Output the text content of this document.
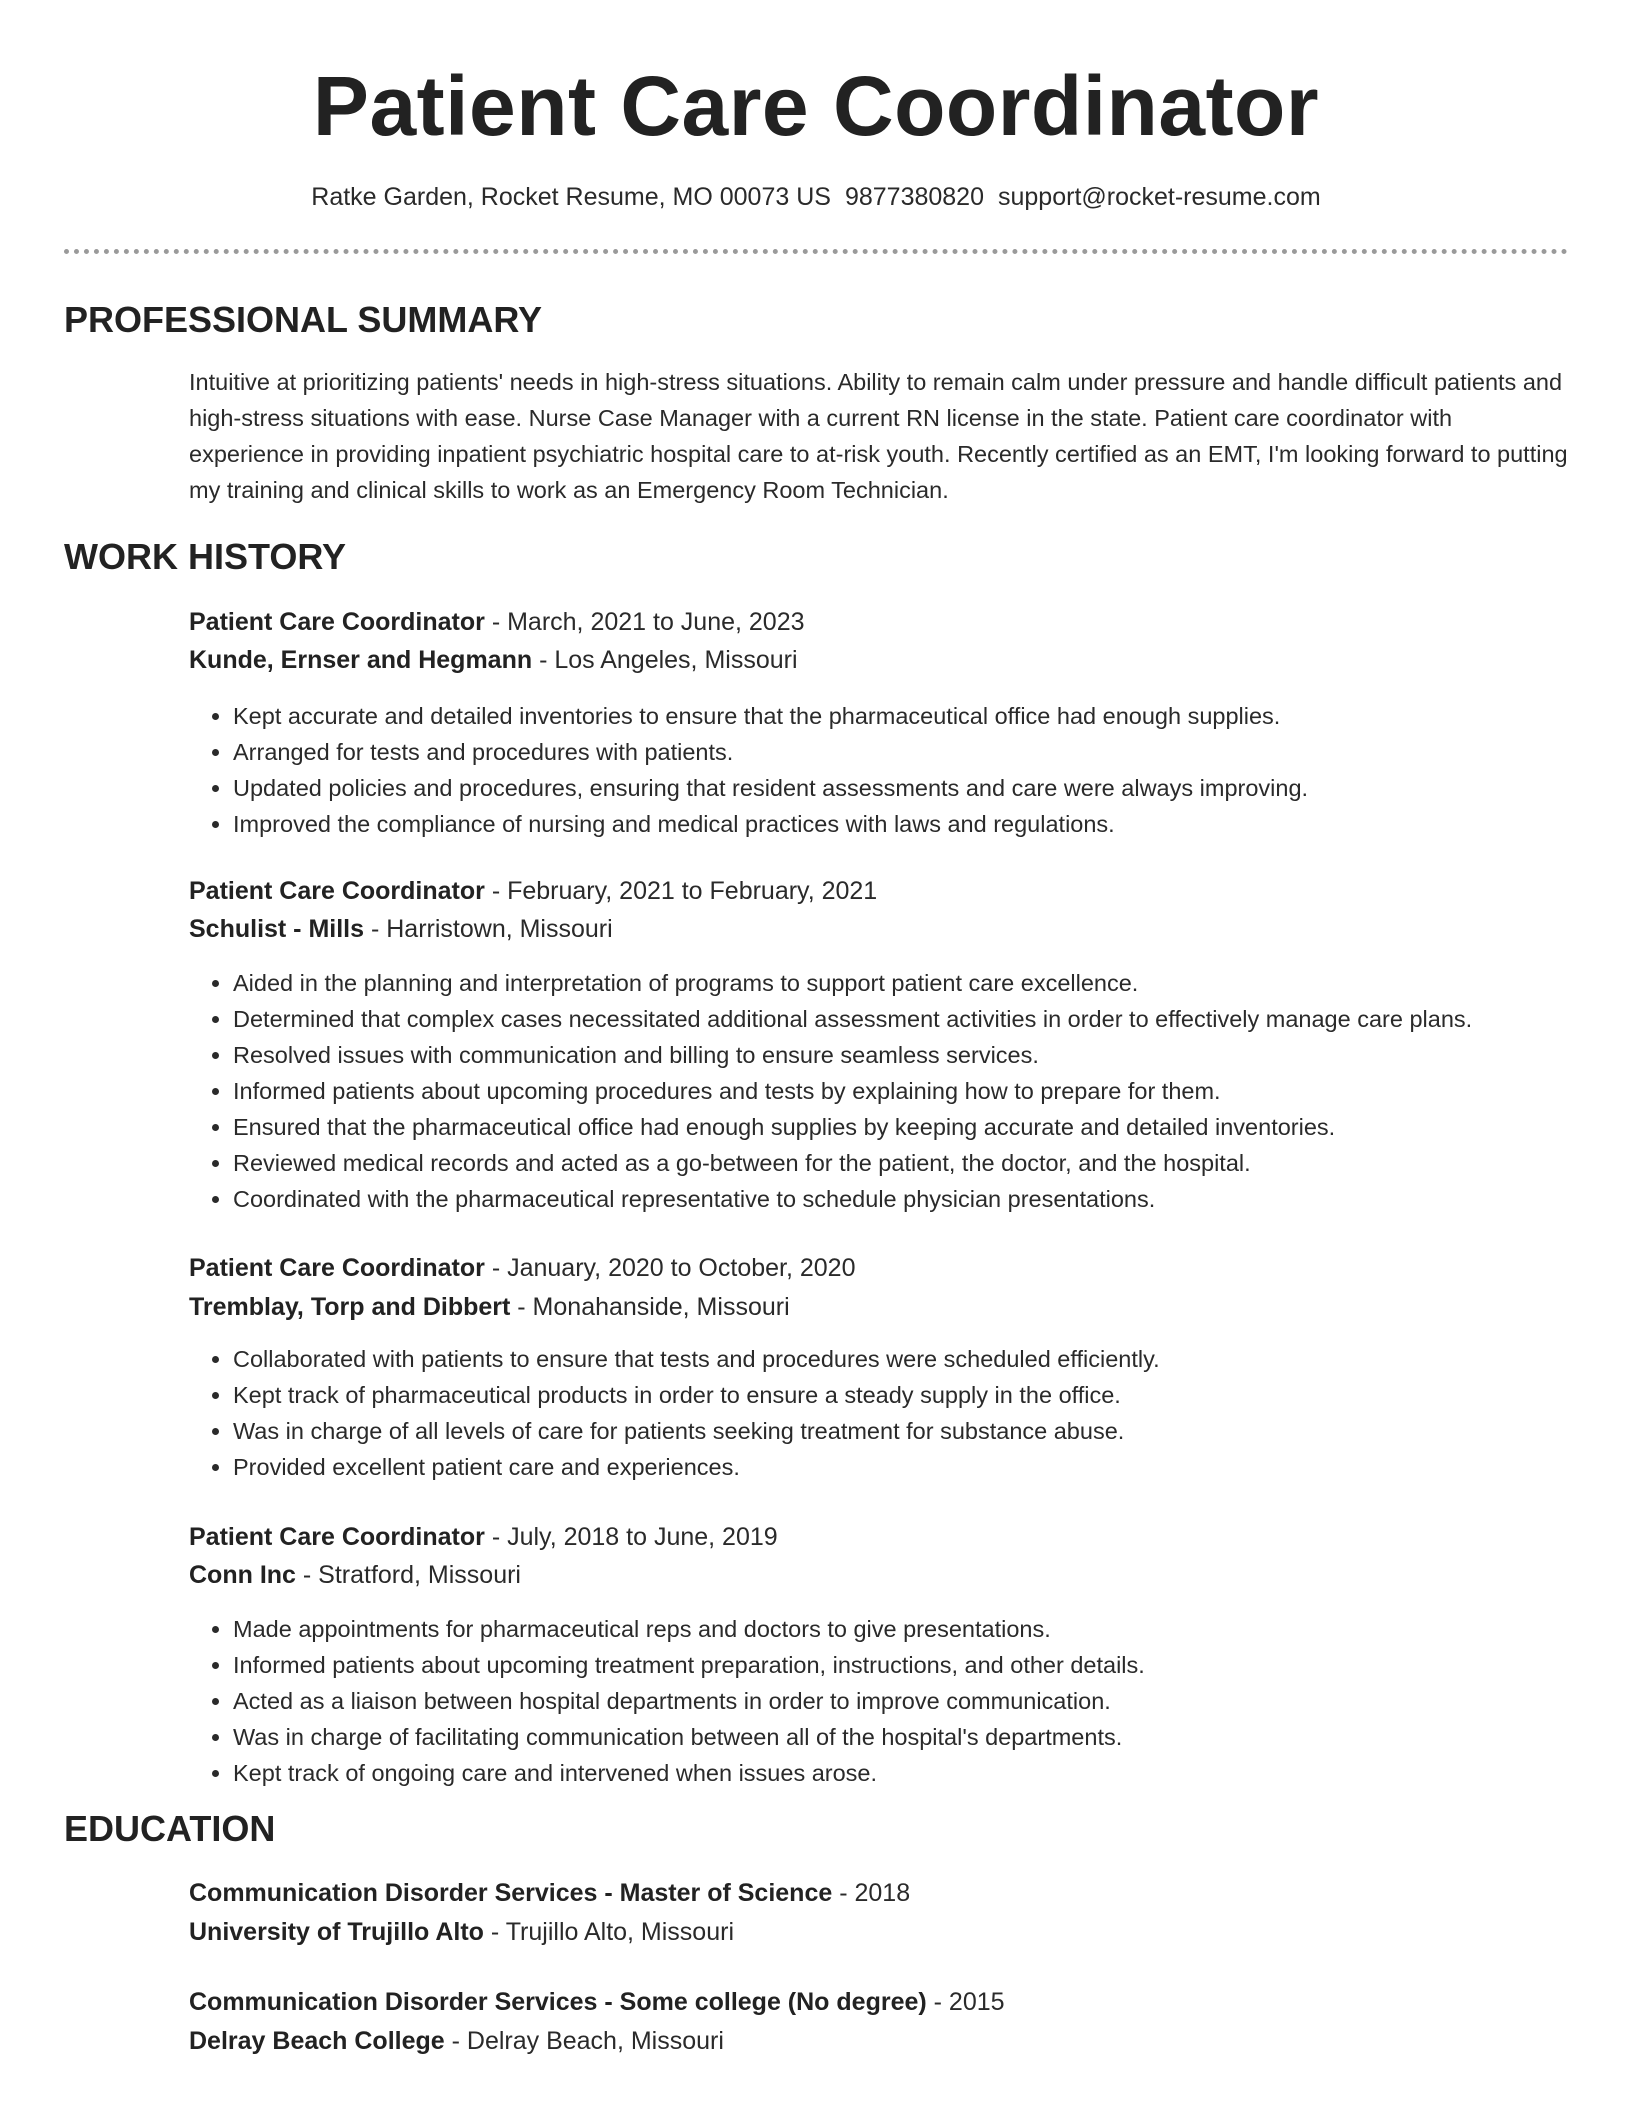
Patient Care Coordinator
Ratke Garden, Rocket Resume, MO 00073 US 9877380820 support@rocket-resume.com
PROFESSIONAL SUMMARY
Intuitive at prioritizing patients' needs in high-stress situations. Ability to remain calm under pressure and handle difficult patients and high-stress situations with ease. Nurse Case Manager with a current RN license in the state. Patient care coordinator with experience in providing inpatient psychiatric hospital care to at-risk youth. Recently certified as an EMT, I'm looking forward to putting my training and clinical skills to work as an Emergency Room Technician.
WORK HISTORY
Patient Care Coordinator - March, 2021 to June, 2023
Kunde, Ernser and Hegmann - Los Angeles, Missouri
• Kept accurate and detailed inventories to ensure that the pharmaceutical office had enough supplies.
• Arranged for tests and procedures with patients.
• Updated policies and procedures, ensuring that resident assessments and care were always improving.
• Improved the compliance of nursing and medical practices with laws and regulations.
Patient Care Coordinator - February, 2021 to February, 2021
Schulist - Mills - Harristown, Missouri
• Aided in the planning and interpretation of programs to support patient care excellence.
• Determined that complex cases necessitated additional assessment activities in order to effectively manage care plans.
• Resolved issues with communication and billing to ensure seamless services.
• Informed patients about upcoming procedures and tests by explaining how to prepare for them.
• Ensured that the pharmaceutical office had enough supplies by keeping accurate and detailed inventories.
• Reviewed medical records and acted as a go-between for the patient, the doctor, and the hospital.
• Coordinated with the pharmaceutical representative to schedule physician presentations.
Patient Care Coordinator - January, 2020 to October, 2020
Tremblay, Torp and Dibbert - Monahanside, Missouri
• Collaborated with patients to ensure that tests and procedures were scheduled efficiently.
• Kept track of pharmaceutical products in order to ensure a steady supply in the office.
• Was in charge of all levels of care for patients seeking treatment for substance abuse.
• Provided excellent patient care and experiences.
Patient Care Coordinator - July, 2018 to June, 2019
Conn Inc - Stratford, Missouri
• Made appointments for pharmaceutical reps and doctors to give presentations.
• Informed patients about upcoming treatment preparation, instructions, and other details.
• Acted as a liaison between hospital departments in order to improve communication.
• Was in charge of facilitating communication between all of the hospital's departments.
• Kept track of ongoing care and intervened when issues arose.
EDUCATION
Communication Disorder Services - Master of Science - 2018
University of Trujillo Alto - Trujillo Alto, Missouri
Communication Disorder Services - Some college (No degree) - 2015
Delray Beach College - Delray Beach, Missouri
